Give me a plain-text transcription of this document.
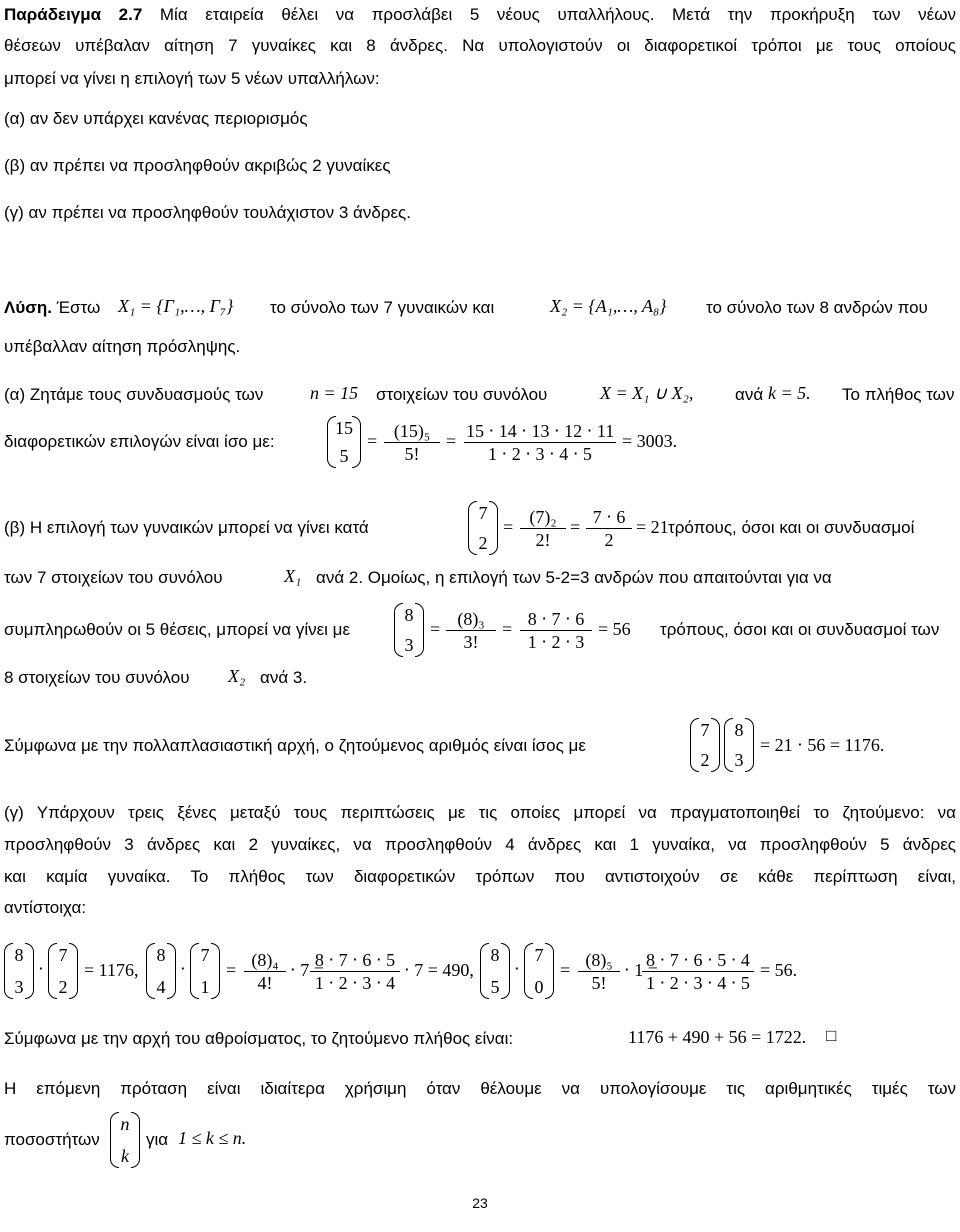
Παράδειγμα 2.7 Μία εταιρεία θέλει να προσλάβει 5 νέους υπαλλήλους. Μετά την προκήρυξη των νέων
θέσεων υπέβαλαν αίτηση 7 γυναίκες και 8 άνδρες. Να υπολογιστούν οι διαφορετικοί τρόποι με τους οποίους
μπορεί να γίνει η επιλογή των 5 νέων υπαλλήλων:
(α) αν δεν υπάρχει κανένας περιορισμός
(β) αν πρέπει να προσληφθούν ακριβώς 2 γυναίκες
(γ) αν πρέπει να προσληφθούν τουλάχιστον 3 άνδρες.
Λύση. Έστω X₁ = {Γ₁,…, Γ₇} το σύνολο των 7 γυναικών και	X₂ = {A₁,…, A₈} το σύνολο των 8 ανδρών που
υπέβαλλαν αίτηση πρόσληψης.
(α) Ζητάμε τους συνδυασμούς των	n = 15 στοιχείων του συνόλου	X = X₁ ∪ X₂, ανά k = 5. Το πλήθος των
διαφορετικών επιλογών είναι ίσο με:
15
5
= $\frac{\text{(15)₅}}{5!} = \frac{15 \cdot 14 \cdot 13 \cdot 12 \cdot 11}{1 \cdot 2 \cdot 3 \cdot 4 \cdot 5} = 3003$.
(β) Η επιλογή των γυναικών μπορεί να γίνει κατά
7
2
= $\frac{\text{(7)₂}}{2!} = \frac{7 \cdot 6}{2} = 21$ τρόπους, όσοι και οι συνδυασμοί
των 7 στοιχείων του συνόλου	X₁ ανά 2. Ομοίως, η επιλογή των 5-2=3 ανδρών που απαιτούνται για να
συμπληρωθούν οι 5 θέσεις, μπορεί να γίνει με
8
3
= $\frac{\text{(8)₃}}{3!} = \frac{8 \cdot 7 \cdot 6}{1 \cdot 2 \cdot 3} = 56$ τρόπους, όσοι και οι συνδυασμοί των
8 στοιχείων του συνόλου X₂ ανά 3.
Σύμφωνα με την πολλαπλασιαστική αρχή, ο ζητούμενος αριθμός είναι ίσος με
7
2
8
3
= 21 ⋅ 56 = 1176.
(γ) Υπάρχουν τρεις ξένες μεταξύ τους περιπτώσεις με τις οποίες μπορεί να πραγματοποιηθεί το ζητούμενο: να
προσληφθούν 3 άνδρες και 2 γυναίκες, να προσληφθούν 4 άνδρες και 1 γυναίκα, να προσληφθούν 5 άνδρες
και καμία γυναίκα. Το πλήθος των διαφορετικών τρόπων που αντιστοιχούν σε κάθε περίπτωση είναι,
αντίστοιχα:
8
3
⋅
7
2
= 1176,
8
4
⋅
7
1
= $\frac{\text{(8)₄}}{4!} \cdot 7$ =
$\frac{8 \cdot 7 \cdot 6 \cdot 5}{1 \cdot 2 \cdot 3 \cdot 4} \cdot 7 = 490$,
8
5
⋅
7
0
= $\frac{\text{(8)₅}}{5!} \cdot 1$ =
$\frac{8 \cdot 7 \cdot 6 \cdot 5 \cdot 4}{1 \cdot 2 \cdot 3 \cdot 4 \cdot 5} = 56$.
Σύμφωνα με την αρχή του αθροίσματος, το ζητούμενο πλήθος είναι:	1176 + 490 + 56 = 1722. □
Η επόμενη πρόταση είναι ιδιαίτερα χρήσιμη όταν θέλουμε να υπολογίσουμε τις αριθμητικές τιμές των
ποσοστήτων
n
k
για 1 ≤ k ≤ n.
23
